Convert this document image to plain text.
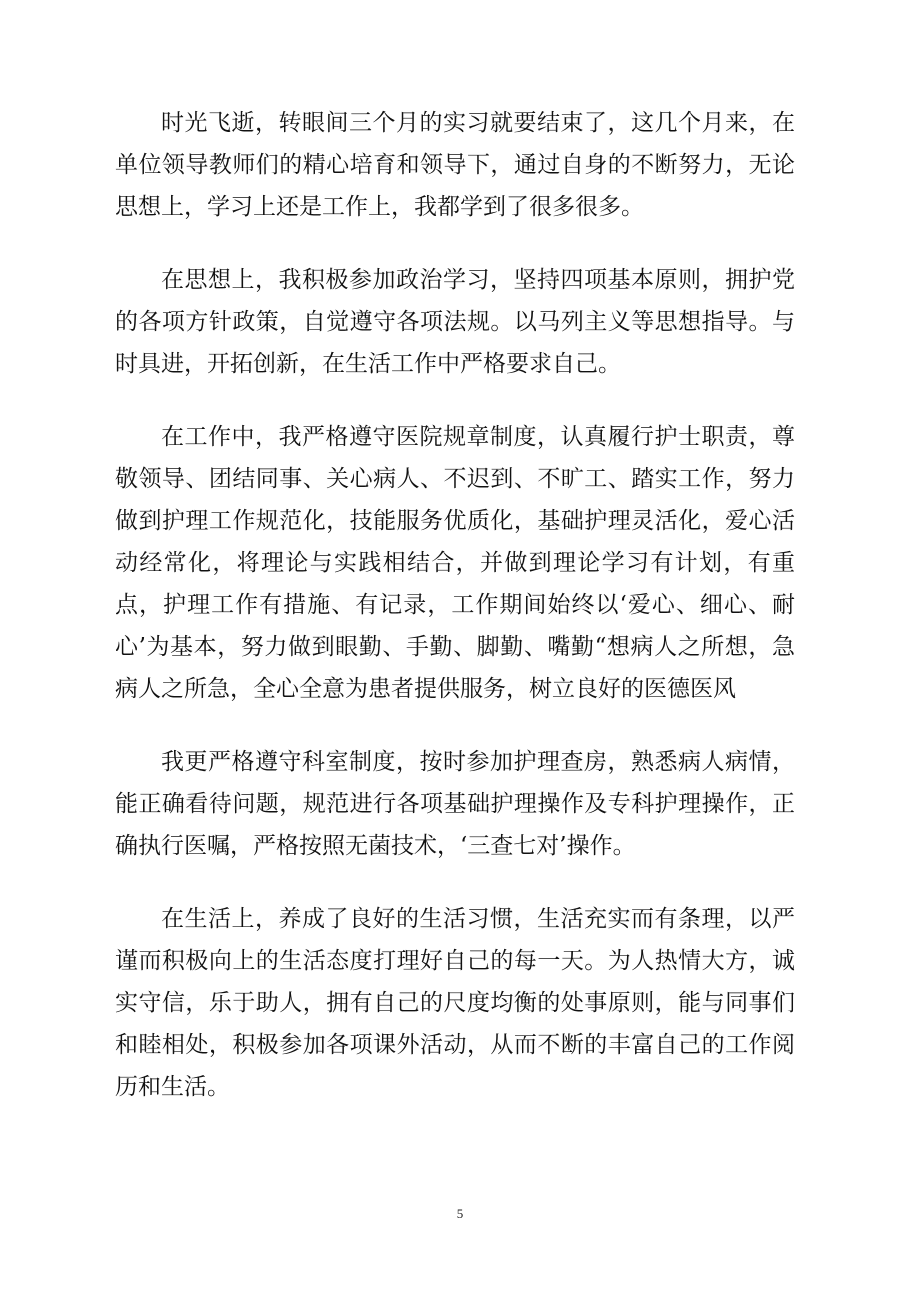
时光飞逝，转眼间三个月的实习就要结束了，这几个月来，在单位领导教师们的精心培育和领导下，通过自身的不断努力，无论思想上，学习上还是工作上，我都学到了很多很多。

在思想上，我积极参加政治学习，坚持四项基本原则，拥护党的各项方针政策，自觉遵守各项法规。以马列主义等思想指导。与时具进，开拓创新，在生活工作中严格要求自己。

在工作中，我严格遵守医院规章制度，认真履行护士职责，尊敬领导、团结同事、关心病人、不迟到、不旷工、踏实工作，努力做到护理工作规范化，技能服务优质化，基础护理灵活化，爱心活动经常化，将理论与实践相结合，并做到理论学习有计划，有重点，护理工作有措施、有记录，工作期间始终以‘爱心、细心、耐心’为基本，努力做到眼勤、手勤、脚勤、嘴勤“想病人之所想，急病人之所急，全心全意为患者提供服务，树立良好的医德医风

我更严格遵守科室制度，按时参加护理查房，熟悉病人病情，能正确看待问题，规范进行各项基础护理操作及专科护理操作，正确执行医嘱，严格按照无菌技术，‘三查七对’操作。

在生活上，养成了良好的生活习惯，生活充实而有条理，以严谨而积极向上的生活态度打理好自己的每一天。为人热情大方，诚实守信，乐于助人，拥有自己的尺度均衡的处事原则，能与同事们和睦相处，积极参加各项课外活动，从而不断的丰富自己的工作阅历和生活。

5
